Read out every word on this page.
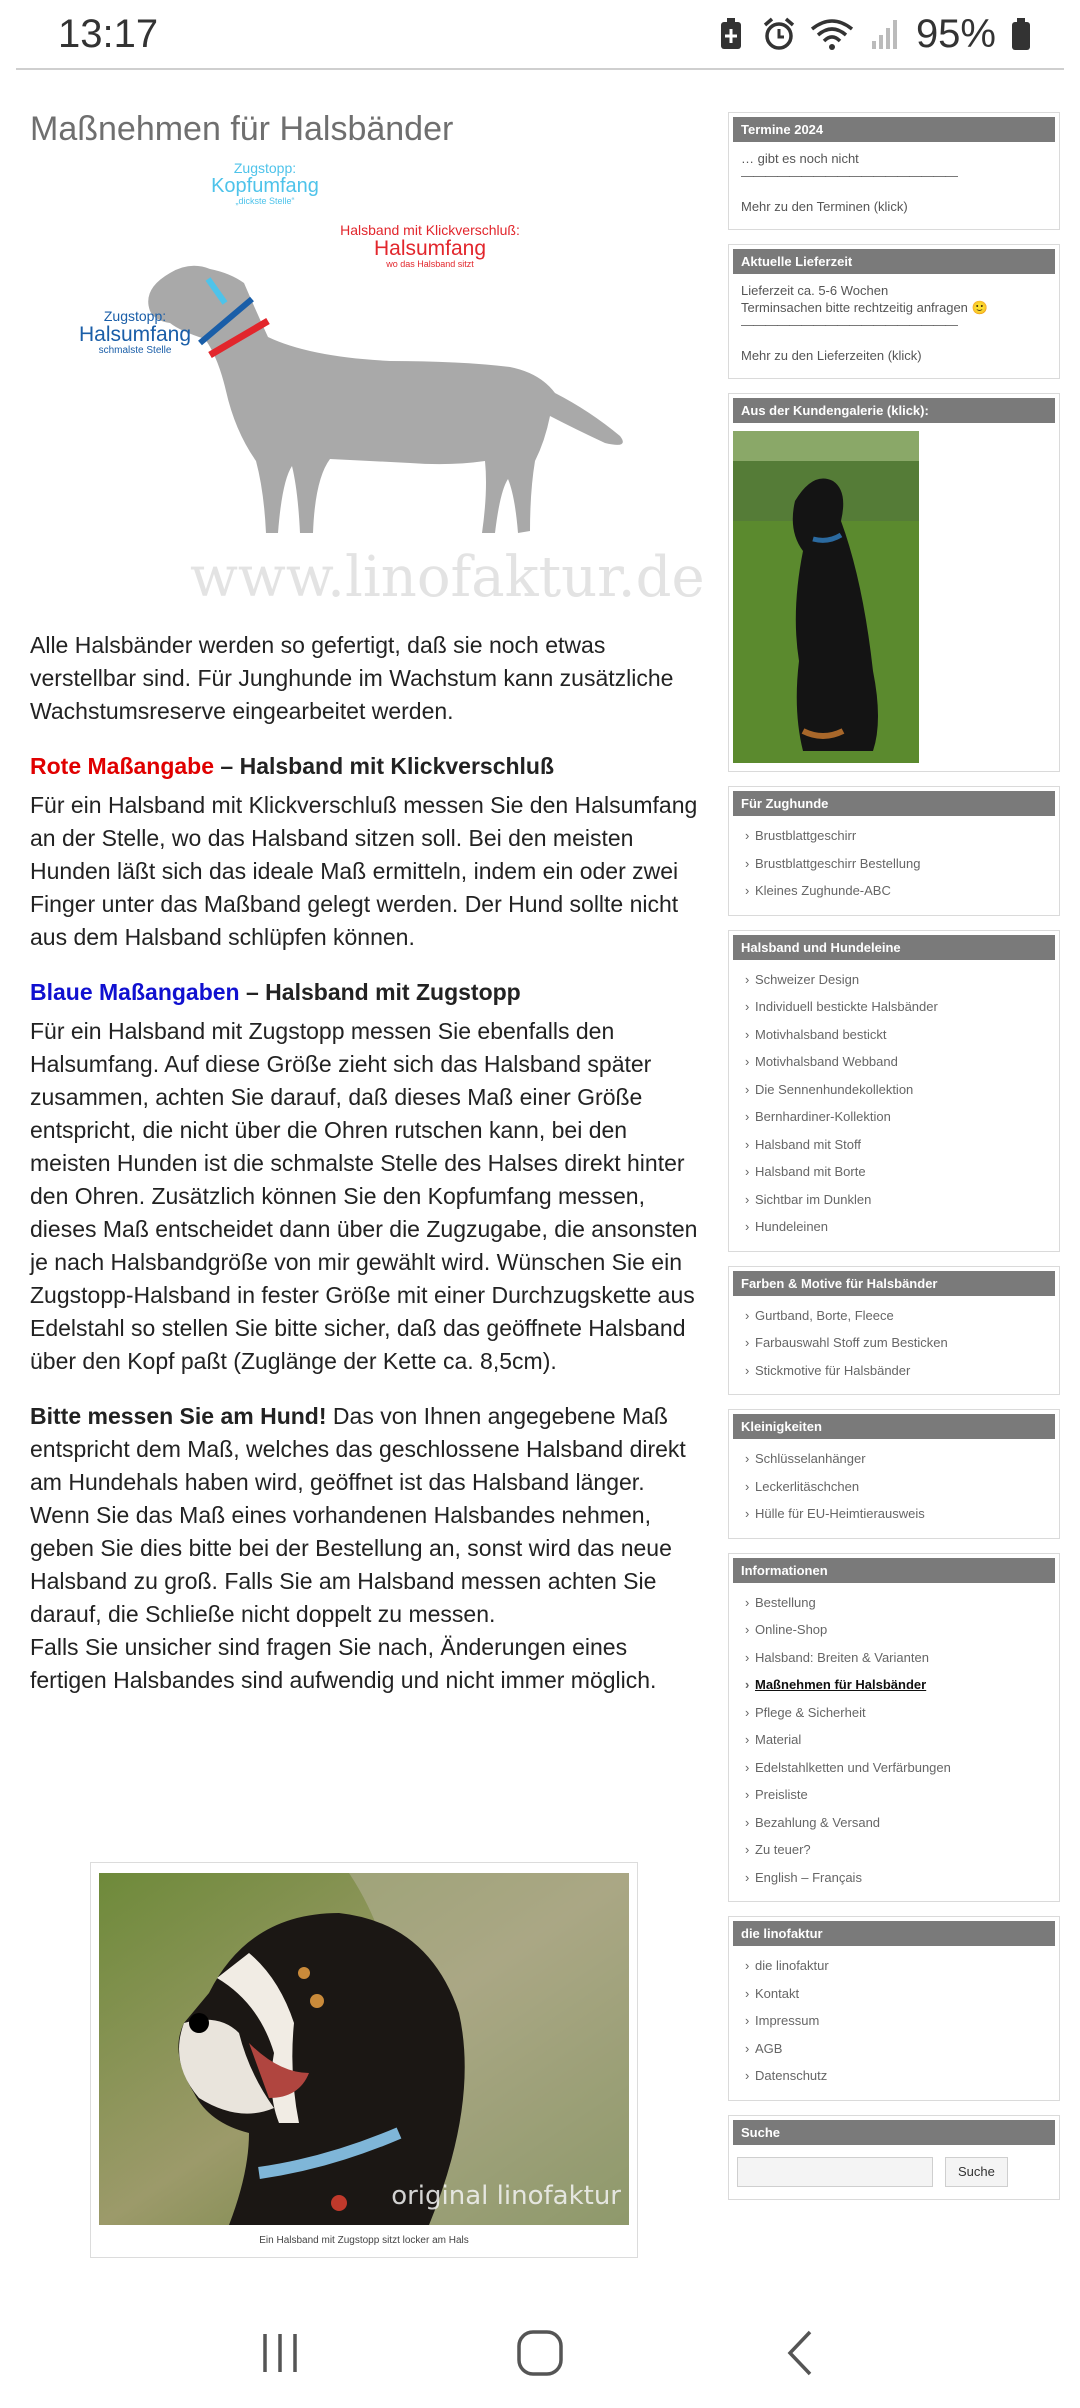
13:17	95%
Maßnehmen für Halsbänder
Zugstopp:
Kopfumfang
„dickste Stelle“
Halsband mit Klickverschluß:
Halsumfang
wo das Halsband sitzt
Zugstopp:
Halsumfang
schmalste Stelle
www.linofaktur.de

Alle Halsbänder werden so gefertigt, daß sie noch etwas verstellbar sind. Für Junghunde im Wachstum kann zusätzliche Wachstumsreserve eingearbeitet werden.

Rote Maßangabe – Halsband mit Klickverschluß

Für ein Halsband mit Klickverschluß messen Sie den Halsumfang an der Stelle, wo das Halsband sitzen soll. Bei den meisten Hunden läßt sich das ideale Maß ermitteln, indem ein oder zwei Finger unter das Maßband gelegt werden. Der Hund sollte nicht aus dem Halsband schlüpfen können.

Blaue Maßangaben – Halsband mit Zugstopp

Für ein Halsband mit Zugstopp messen Sie ebenfalls den Halsumfang. Auf diese Größe zieht sich das Halsband später zusammen, achten Sie darauf, daß dieses Maß einer Größe entspricht, die nicht über die Ohren rutschen kann, bei den meisten Hunden ist die schmalste Stelle des Halses direkt hinter den Ohren. Zusätzlich können Sie den Kopfumfang messen, dieses Maß entscheidet dann über die Zugzugabe, die ansonsten je nach Halsbandgröße von mir gewählt wird. Wünschen Sie ein Zugstopp-Halsband in fester Größe mit einer Durchzugskette aus Edelstahl so stellen Sie bitte sicher, daß das geöffnete Halsband über den Kopf paßt (Zuglänge der Kette ca. 8,5cm).

Bitte messen Sie am Hund! Das von Ihnen angegebene Maß entspricht dem Maß, welches das geschlossene Halsband direkt am Hundehals haben wird, geöffnet ist das Halsband länger. Wenn Sie das Maß eines vorhandenen Halsbandes nehmen, geben Sie dies bitte bei der Bestellung an, sonst wird das neue Halsband zu groß. Falls Sie am Halsband messen achten Sie darauf, die Schließe nicht doppelt zu messen.

Falls Sie unsicher sind fragen Sie nach, Änderungen eines fertigen Halsbandes sind aufwendig und nicht immer möglich.

original linofaktur
Ein Halsband mit Zugstopp sitzt locker am Hals
Termine 2024
… gibt es noch nicht
——————————————————
Mehr zu den Terminen (klick)
Aktuelle Lieferzeit
Lieferzeit ca. 5-6 Wochen
Terminsachen bitte rechtzeitig anfragen 🙂
——————————————————
Mehr zu den Lieferzeiten (klick)
Aus der Kundengalerie (klick):
Für Zughunde
› Brustblattgeschirr
› Brustblattgeschirr Bestellung
› Kleines Zughunde-ABC
Halsband und Hundeleine
› Schweizer Design
› Individuell bestickte Halsbänder
› Motivhalsband bestickt
› Motivhalsband Webband
› Die Sennenhundekollektion
› Bernhardiner-Kollektion
› Halsband mit Stoff
› Halsband mit Borte
› Sichtbar im Dunklen
› Hundeleinen
Farben & Motive für Halsbänder
› Gurtband, Borte, Fleece
› Farbauswahl Stoff zum Besticken
› Stickmotive für Halsbänder
Kleinigkeiten
› Schlüsselanhänger
› Leckerlitäschchen
› Hülle für EU-Heimtierausweis
Informationen
› Bestellung
› Online-Shop
› Halsband: Breiten & Varianten
› Maßnehmen für Halsbänder
› Pflege & Sicherheit
› Material
› Edelstahlketten und Verfärbungen
› Preisliste
› Bezahlung & Versand
› Zu teuer?
› English – Français
die linofaktur
› die linofaktur
› Kontakt
› Impressum
› AGB
› Datenschutz
Suche
Suche
